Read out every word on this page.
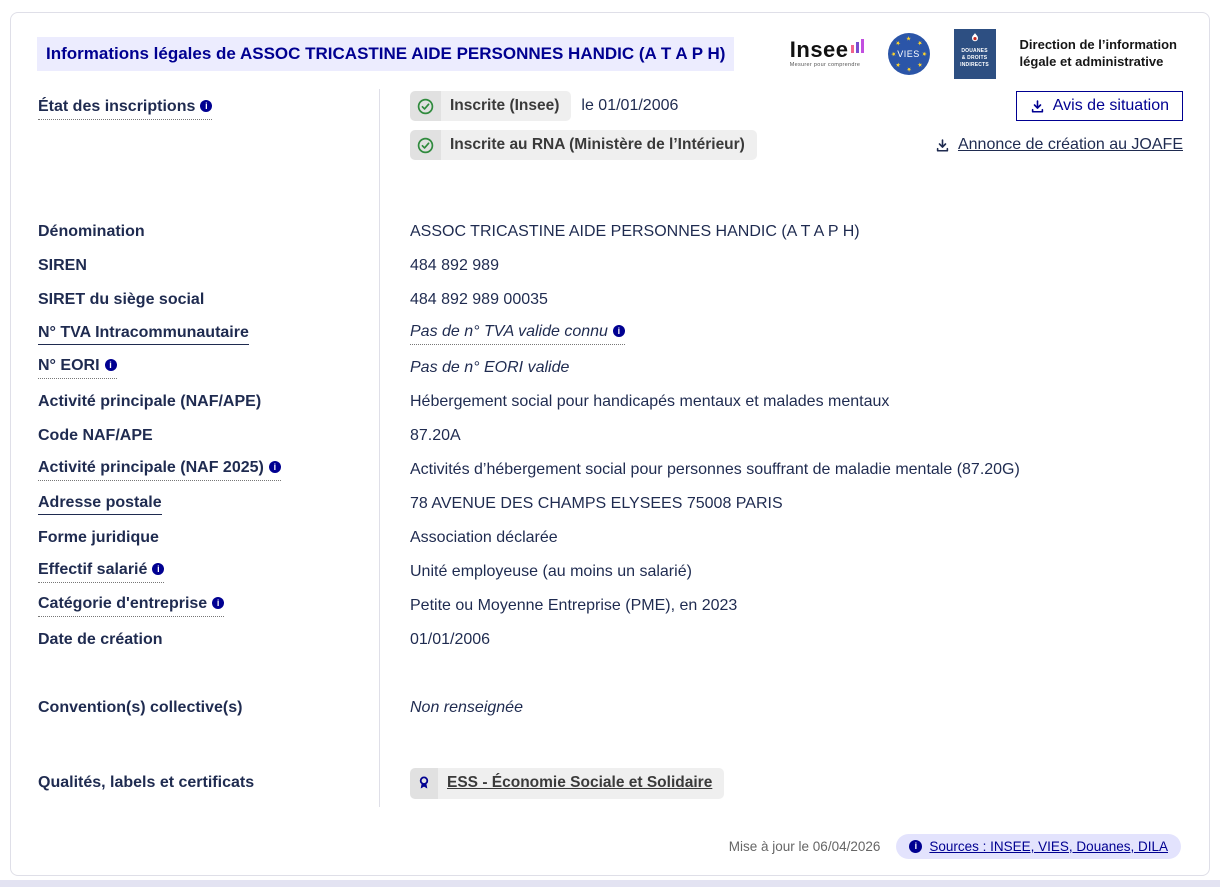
Informations légales de ASSOC TRICASTINE AIDE PERSONNES HANDIC (A T A P H)	Insee
Mesurer pour comprendre
★
★
★
★
★
★
★
★
VIES	DOUANES
& DROITS
INDIRECTS
Direction de l’information
légale et administrative
État des inscriptions i	Inscrite (Insee)	le 01/01/2006	Avis de situation
Inscrite au RNA (Ministère de l’Intérieur)	Annonce de création au JOAFE
Dénomination	ASSOC TRICASTINE AIDE PERSONNES HANDIC (A T A P H)
SIREN	484 892 989
SIRET du siège social	484 892 989 00035
N° TVA Intracommunautaire	Pas de n° TVA valide connui
N° EORI i	Pas de n° EORI valide
Activité principale (NAF/APE)	Hébergement social pour handicapés mentaux et malades mentaux
Code NAF/APE	87.20A
Activité principale (NAF 2025) i	Activités d’hébergement social pour personnes souffrant de maladie mentale (87.20G)
Adresse postale	78 AVENUE DES CHAMPS ELYSEES 75008 PARIS
Forme juridique	Association déclarée
Effectif salarié i	Unité employeuse (au moins un salarié)
Catégorie d'entreprise i	Petite ou Moyenne Entreprise (PME), en 2023
Date de création	01/01/2006
Convention(s) collective(s)	Non renseignée
Qualités, labels et certificats	ESS - Économie Sociale et Solidaire
Mise à jour le 06/04/2026 i	Sources : INSEE, VIES, Douanes, DILA
